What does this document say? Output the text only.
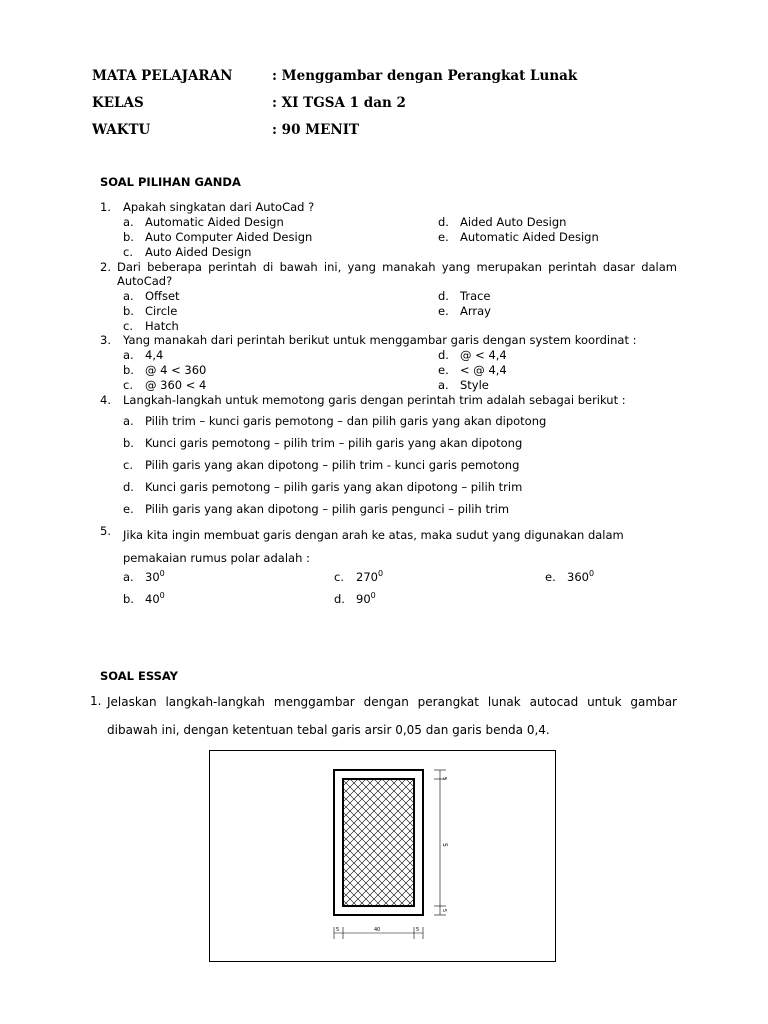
MATA PELAJARAN	: Menggambar dengan Perangkat Lunak
KELAS	: XI TGSA 1 dan 2
WAKTU	: 90 MENIT
SOAL PILIHAN GANDA
1. Apakah singkatan dari AutoCad ?
a. Automatic Aided Design
b. Auto Computer Aided Design
c. Auto Aided Design
d. Aided Auto Design
e. Automatic Aided Design
2. Dari beberapa perintah di bawah ini, yang manakah yang merupakan perintah dasar dalam AutoCad?
a. Offset
b. Circle
c. Hatch
d. Trace
e. Array
3. Yang manakah dari perintah berikut untuk menggambar garis dengan system koordinat :
a. 4,4
b. @ 4 < 360
c. @ 360 < 4
d. @ < 4,4
e. < @ 4,4
a. Style
4. Langkah-langkah untuk memotong garis dengan perintah trim adalah sebagai berikut :
a. Pilih trim – kunci garis pemotong – dan pilih garis yang akan dipotong
b. Kunci garis pemotong – pilih trim – pilih garis yang akan dipotong
c. Pilih garis yang akan dipotong – pilih trim - kunci garis pemotong
d. Kunci garis pemotong – pilih garis yang akan dipotong – pilih trim
e. Pilih garis yang akan dipotong – pilih garis pengunci – pilih trim
5. Jika kita ingin membuat garis dengan arah ke atas, maka sudut yang digunakan dalam pemakaian rumus polar adalah :
a. $30^0$
b. $40^0$
c. $270^0$
d. $90^0$
e. $360^0$
SOAL ESSAY
1. Jelaskan langkah-langkah menggambar dengan perangkat lunak autocad untuk gambar dibawah ini, dengan ketentuan tebal garis arsir 0,05 dan garis benda 0,4.
5
5
5
5	40	5
